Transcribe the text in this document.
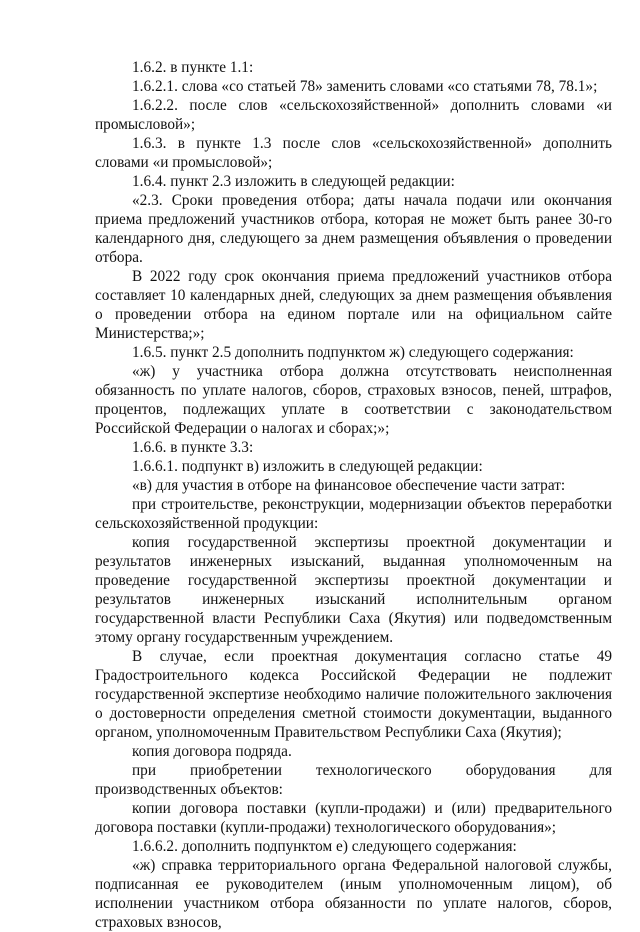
1.6.2. в пункте 1.1:

1.6.2.1. слова «со статьей 78» заменить словами «со статьями 78, 78.1»;

1.6.2.2. после слов «сельскохозяйственной» дополнить словами «и промысловой»;

1.6.3. в пункте 1.3 после слов «сельскохозяйственной» дополнить словами «и промысловой»;

1.6.4. пункт 2.3 изложить в следующей редакции:

«2.3. Сроки проведения отбора; даты начала подачи или окончания приема предложений участников отбора, которая не может быть ранее 30-го календарного дня, следующего за днем размещения объявления о проведении отбора.

В 2022 году срок окончания приема предложений участников отбора составляет 10 календарных дней, следующих за днем размещения объявления о проведении отбора на едином портале или на официальном сайте Министерства;»;

1.6.5. пункт 2.5 дополнить подпунктом ж) следующего содержания:

«ж) у участника отбора должна отсутствовать неисполненная обязанность по уплате налогов, сборов, страховых взносов, пеней, штрафов, процентов, подлежащих уплате в соответствии с законодательством Российской Федерации о налогах и сборах;»;

1.6.6. в пункте 3.3:

1.6.6.1. подпункт в) изложить в следующей редакции:

«в) для участия в отборе на финансовое обеспечение части затрат:

при строительстве, реконструкции, модернизации объектов переработки сельскохозяйственной продукции:

копия государственной экспертизы проектной документации и результатов инженерных изысканий, выданная уполномоченным на проведение государственной экспертизы проектной документации и результатов инженерных изысканий исполнительным органом государственной власти Республики Саха (Якутия) или подведомственным этому органу государственным учреждением.

В случае, если проектная документация согласно статье 49 Градостроительного кодекса Российской Федерации не подлежит государственной экспертизе необходимо наличие положительного заключения о достоверности определения сметной стоимости документации, выданного органом, уполномоченным Правительством Республики Саха (Якутия);

копия договора подряда.

при приобретении технологического оборудования для производственных объектов:

копии договора поставки (купли-продажи) и (или) предварительного договора поставки (купли-продажи) технологического оборудования»;

1.6.6.2. дополнить подпунктом е) следующего содержания:

«ж) справка территориального органа Федеральной налоговой службы, подписанная ее руководителем (иным уполномоченным лицом), об исполнении участником отбора обязанности по уплате налогов, сборов, страховых взносов,
